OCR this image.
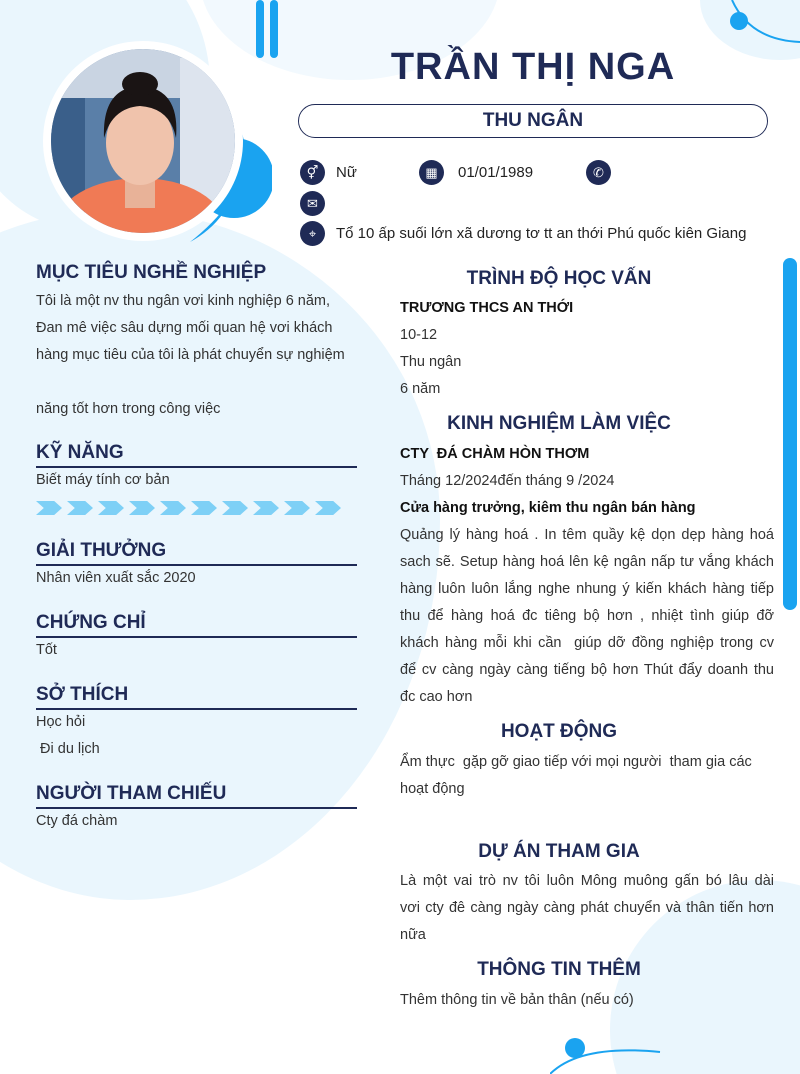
TRẦN THỊ NGA
THU NGÂN
⚥	Nữ	▦	01/01/1989	✆
✉
⌖	Tổ 10 ấp suối lớn xã dương tơ tt an thới Phú quốc kiên Giang
MỤC TIÊU NGHỀ NGHIỆP
Tôi là một nv thu ngân vơi kinh nghiệp 6 năm,
Đan mê việc sâu dựng mối quan hệ vơi khách
hàng mục tiêu của tôi là phát chuyển sự nghiệm
năng tốt hơn trong công việc
KỸ NĂNG
Biết máy tính cơ bản
GIẢI THƯỞNG
Nhân viên xuất sắc 2020
CHỨNG CHỈ
Tốt
SỞ THÍCH
Học hỏi
Đi du lịch
NGƯỜI THAM CHIẾU
Cty đá chàm
TRÌNH ĐỘ HỌC VẤN
TRƯƠNG THCS AN THỚI
10-12
Thu ngân
6 năm
KINH NGHIỆM LÀM VIỆC
CTY  ĐÁ CHÀM HÒN THƠM
Tháng 12/2024đến tháng 9 /2024
Cửa hàng trưởng, kiêm thu ngân bán hàng
Quảng lý hàng hoá . In têm quầy kệ dọn dẹp hàng hoá
sach sẽ. Setup hàng hoá lên kệ ngân nấp tư vắng khách
hàng luôn luôn lắng nghe nhung ý kiến khách hàng tiếp
thu để hàng hoá đc tiêng bộ hơn , nhiệt tình giúp đỡ
khách hàng mỗi khi cần  giúp dỡ đồng nghiệp trong cv
để cv càng ngày càng tiếng bộ hơn Thút đẩy doanh thu
đc cao hơn
HOẠT ĐỘNG
Ẩm thực  gặp gỡ giao tiếp với mọi người  tham gia các
hoạt động
DỰ ÁN THAM GIA
Là một vai trò nv tôi luôn Mông muông gấn bó lâu dài
vơi cty đê càng ngày càng phát chuyển và thân tiến hơn
nữa
THÔNG TIN THÊM
Thêm thông tin về bản thân (nếu có)
